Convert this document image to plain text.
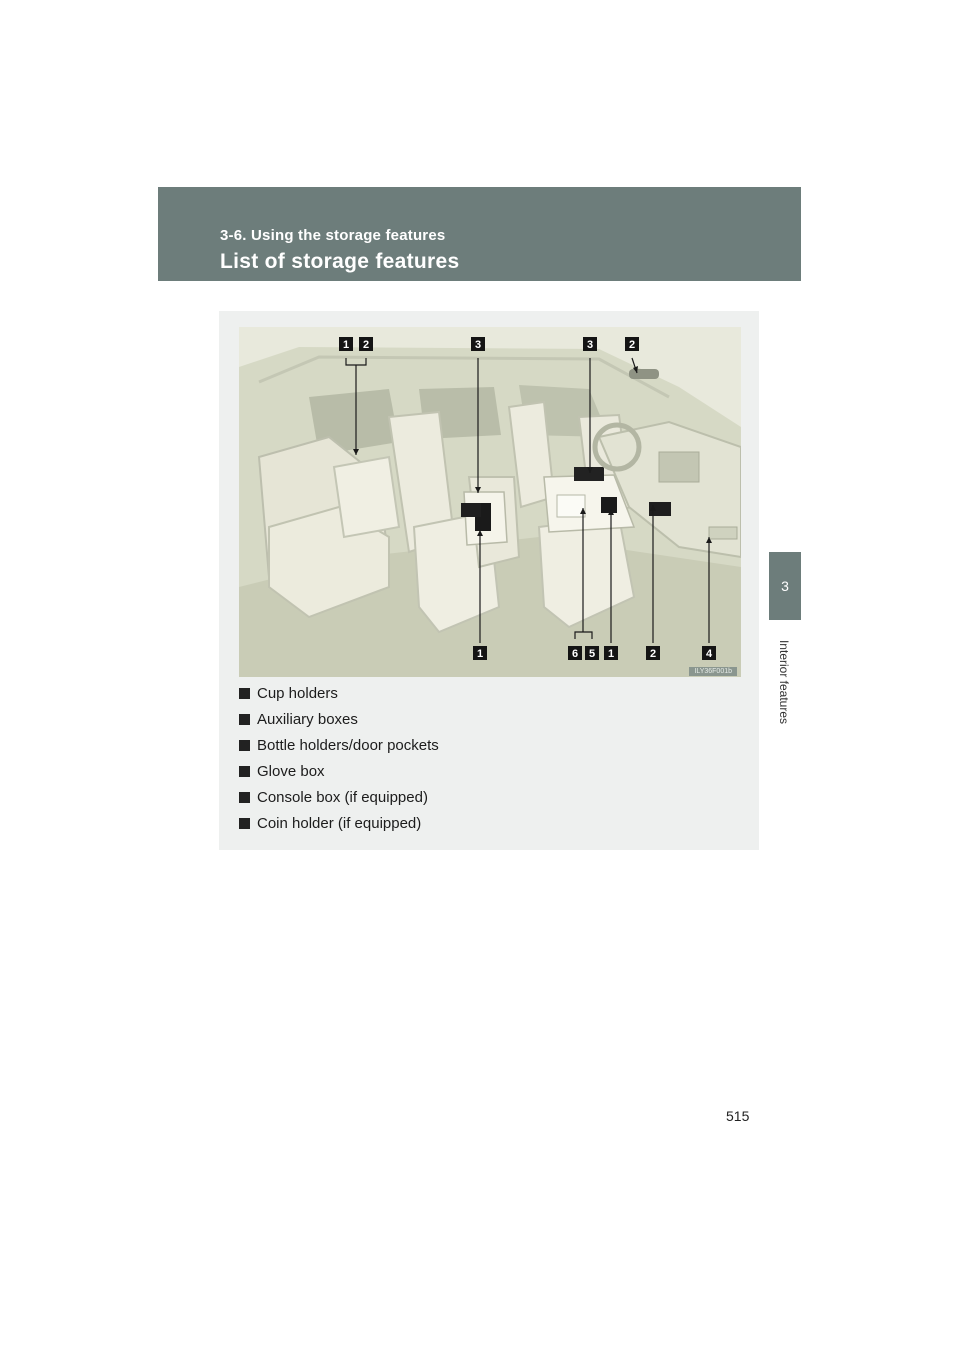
3-6. Using the storage features
List of storage features
3
Interior features
1 2	3	3	2
1	6 5 1	2	4
ILY36F001b
Cup holders
Auxiliary boxes
Bottle holders/door pockets
Glove box
Console box (if equipped)
Coin holder (if equipped)
515
